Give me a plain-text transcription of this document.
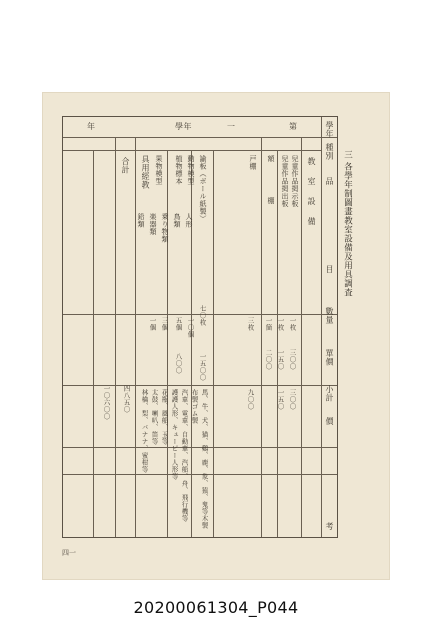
三 各學年制圖畫教室設備及用具調査
學年
種別
品
目
數量
單價
小計
價
考
第
一
學年
年
教
室
設
備
兒童作品掲示板
兒童作品掲出板
額
棚
戸棚
合計 具用經教	諭板（ボール紙製）
動物模型
植物標本
果物模型
人形
鳥類
乗り物類
楽器類
鉛類
一枚
一枚
一箇
三枚
七〇枚
一〇個
五個
三個
一個
三〇〇
一五〇
二〇〇
三〇〇
一五〇
九〇〇
四八五〇
一〇六〇〇
一五〇〇
八〇〇
馬、牛、犬、猫、鷄、鹿、象、猿、鬼等木製
布製ゴム製
汽車、電車、自動車、汽船、舟、飛行機等
護護人形、キューピー人形等
花瓶、風船、玉等
太鼓、喇叭、笛等
林檎、梨、バナナ、蜜柑等
四一
20200061304_P044
